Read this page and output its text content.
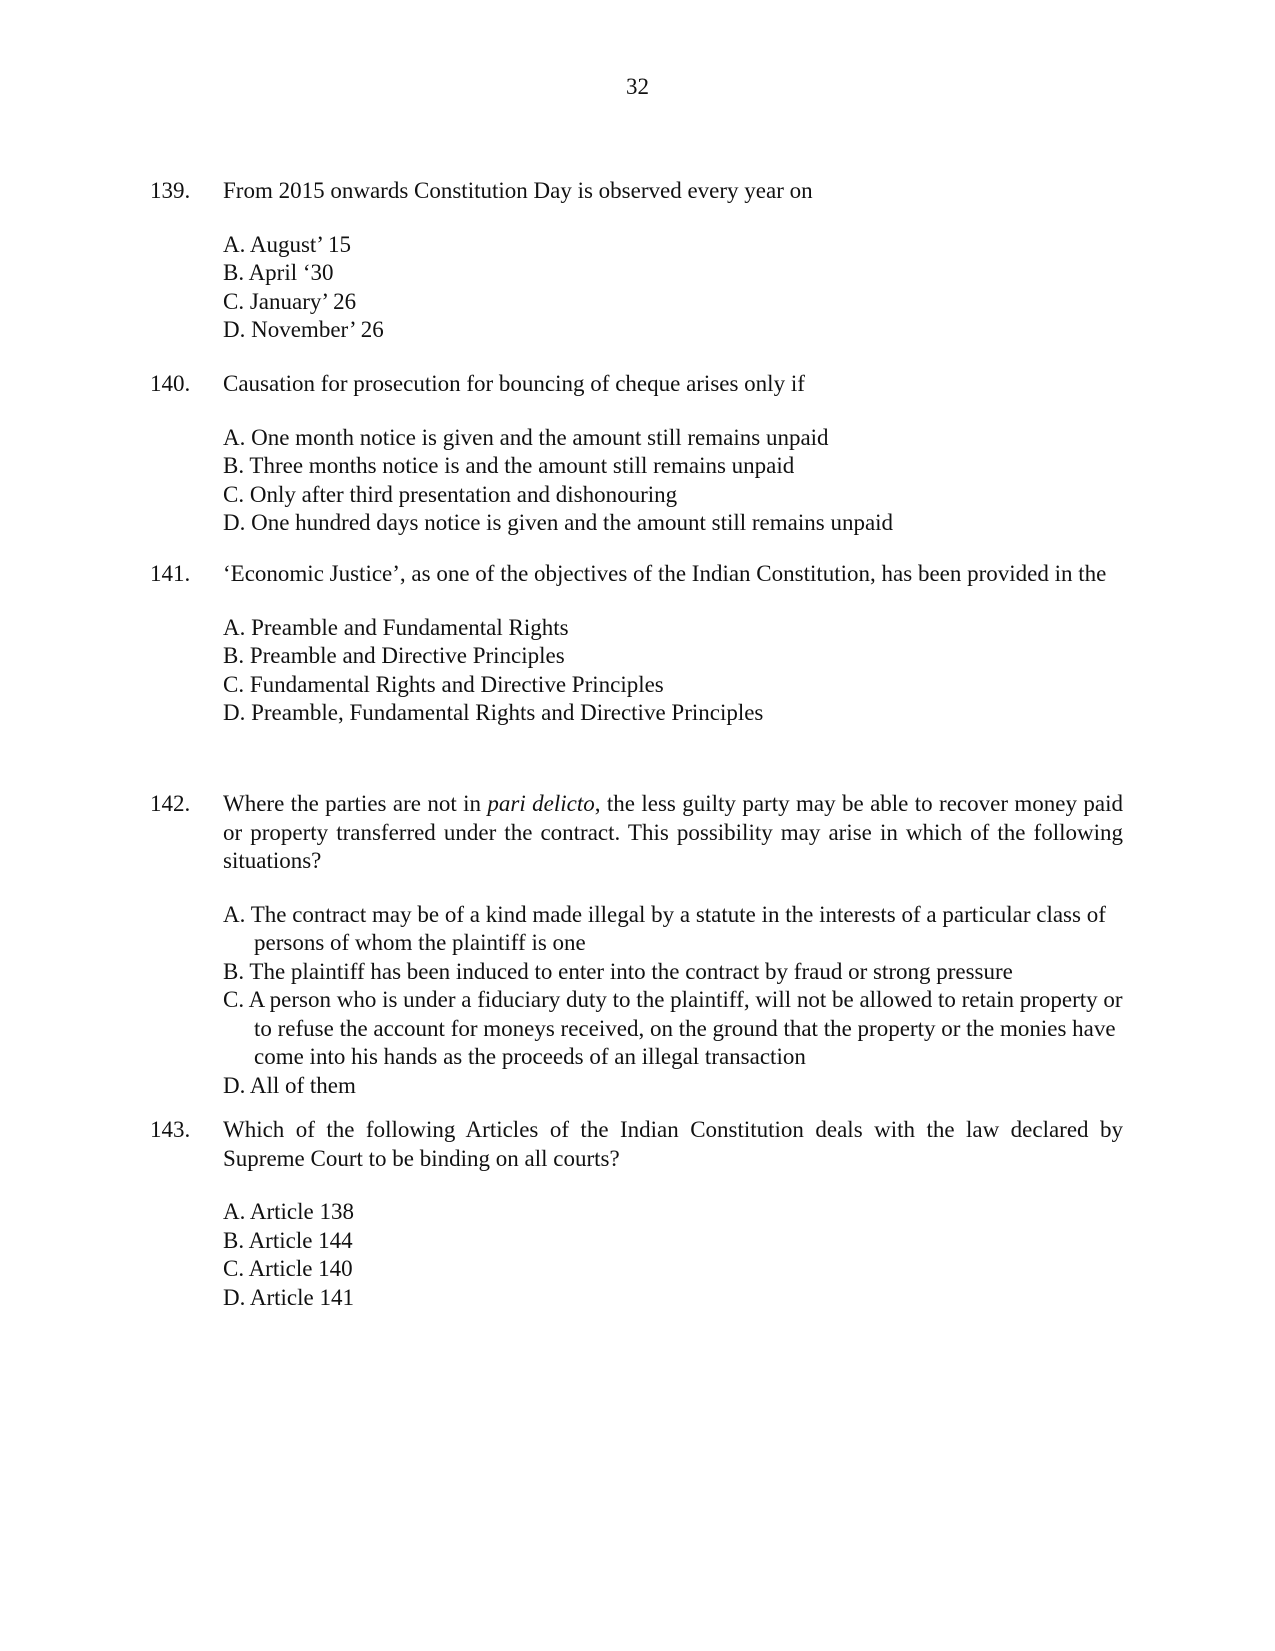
32
139.	From 2015 onwards Constitution Day is observed every year on
A. August’ 15
B. April ‘30
C. January’ 26
D. November’ 26
140.	Causation for prosecution for bouncing of cheque arises only if
A. One month notice is given and the amount still remains unpaid
B. Three months notice is and the amount still remains unpaid
C. Only after third presentation and dishonouring
D. One hundred days notice is given and the amount still remains unpaid
141.	‘Economic Justice’, as one of the objectives of the Indian Constitution, has been provided in the
A. Preamble and Fundamental Rights
B. Preamble and Directive Principles
C. Fundamental Rights and Directive Principles
D. Preamble, Fundamental Rights and Directive Principles
142.	Where the parties are not in pari delicto, the less guilty party may be able to recover money paid or property transferred under the contract. This possibility may arise in which of the following situations?
A. The contract may be of a kind made illegal by a statute in the interests of a particular class of persons of whom the plaintiff is one
B. The plaintiff has been induced to enter into the contract by fraud or strong pressure
C. A person who is under a fiduciary duty to the plaintiff, will not be allowed to retain property or to refuse the account for moneys received, on the ground that the property or the monies have come into his hands as the proceeds of an illegal transaction
D. All of them
143.	Which of the following Articles of the Indian Constitution deals with the law declared by Supreme Court to be binding on all courts?
A. Article 138
B. Article 144
C. Article 140
D. Article 141
